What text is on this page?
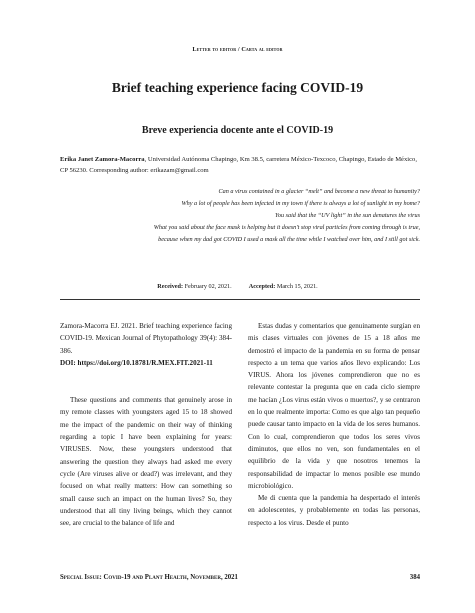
Letter to editor / Carta al editor
Brief teaching experience facing COVID-19
Breve experiencia docente ante el COVID-19
Erika Janet Zamora-Macorra, Universidad Autónoma Chapingo, Km 38.5, carretera México-Texcoco, Chapingo, Estado de México, CP 56230. Corresponding author: erikazam@gmail.com
Can a virus contained in a glacier “melt” and become a new threat to humanity?
Why a lot of people has been infected in my town if there is always a lot of sunlight in my home?
You said that the “UV light” in the sun denatures the virus
What you said about the face mask is helping but it doesn't stop viral particles from coming through is true,
because when my dad got COVID I used a mask all the time while I watched over him, and I still got sick.
Received: February 02, 2021.	Accepted: March 15, 2021.

Zamora-Macorra EJ. 2021. Brief teaching experience facing COVID-19. Mexican Journal of Phytopathology 39(4): 384-386.
DOI: https://doi.org/10.18781/R.MEX.FIT.2021-11

These questions and comments that genuinely arose in my remote classes with youngsters aged 15 to 18 showed me the impact of the pandemic on their way of thinking regarding a topic I have been explaining for years: VIRUSES. Now, these youngsters understood that answering the question they always had asked me every cycle (Are viruses alive or dead?) was irrelevant, and they focused on what really matters: How can something so small cause such an impact on the human lives? So, they understood that all tiny living beings, which they cannot see, are crucial to the balance of life and

Estas dudas y comentarios que genuinamente surgían en mis clases virtuales con jóvenes de 15 a 18 años me demostró el impacto de la pandemia en su forma de pensar respecto a un tema que varios años llevo explicando: Los VIRUS. Ahora los jóvenes comprendieron que no es relevante contestar la pregunta que en cada ciclo siempre me hacían ¿Los virus están vivos o muertos?, y se centraron en lo que realmente importa: Como es que algo tan pequeño puede causar tanto impacto en la vida de los seres humanos. Con lo cual, comprendieron que todos los seres vivos diminutos, que ellos no ven, son fundamentales en el equilibrio de la vida y que nosotros tenemos la responsabilidad de impactar lo menos posible ese mundo microbiológico.

Me di cuenta que la pandemia ha despertado el interés en adolescentes, y probablemente en todas las personas, respecto a los virus. Desde el punto

Special Issue: Covid-19 and Plant Health, November, 2021	384
